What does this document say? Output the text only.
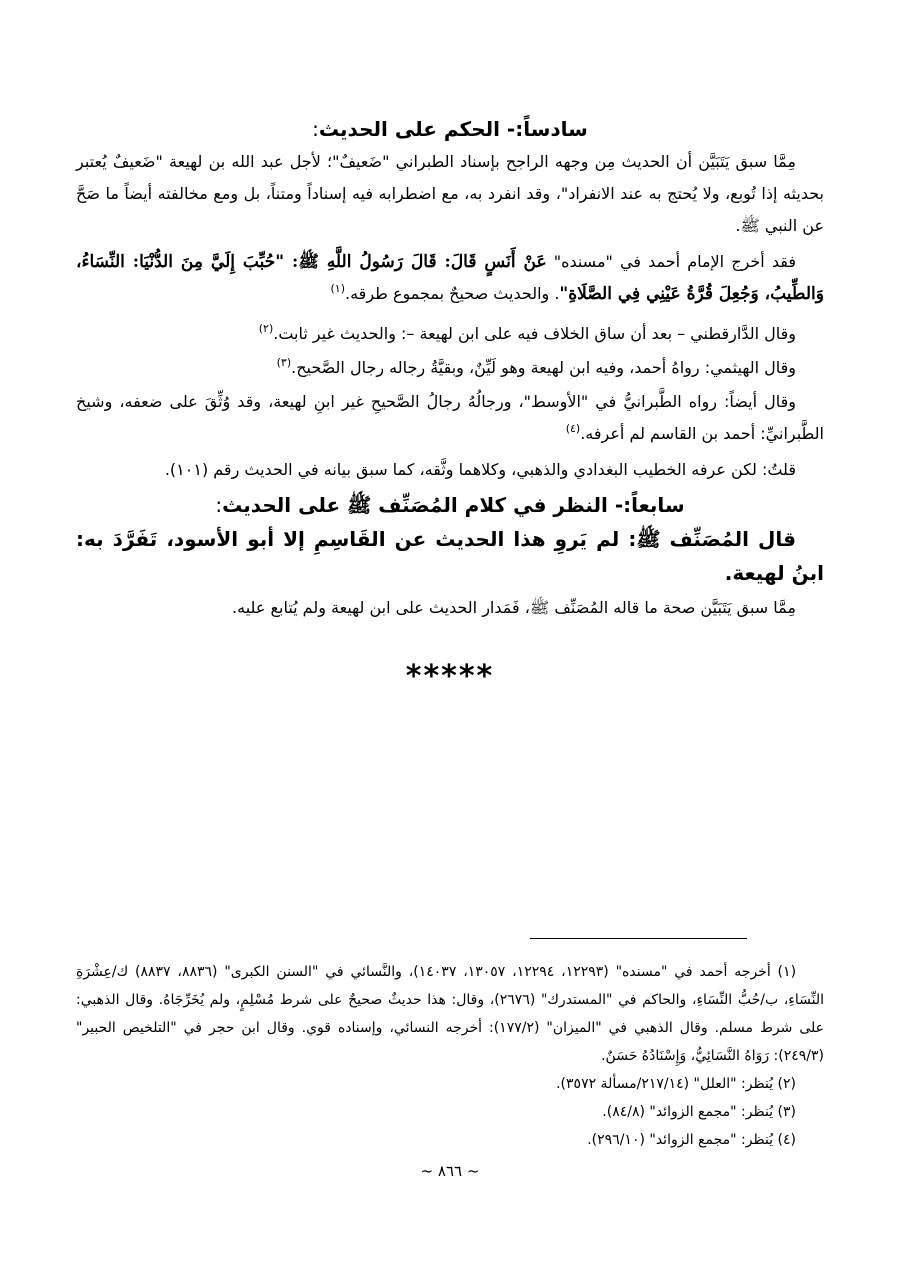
سادساً:- الحكم على الحديث:

مِمَّا سبق يَتَبَيَّن أن الحديث مِن وجهه الراجح بإسناد الطبراني "ضَعيفٌ"؛ لأجل عبد الله بن لهيعة "ضَعيفٌ يُعتبر بحديثه إذا تُوبع، ولا يُحتج به عند الانفراد"، وقد انفرد به، مع اضطرابه فيه إسناداً ومتناً، بل ومع مخالفته أيضاً ما صَحَّ عن النبي ﷺ.

فقد أخرج الإمام أحمد في "مسنده" عَنْ أَنَسٍ قَالَ: قَالَ رَسُولُ اللَّهِ ﷺ: "حُبِّبَ إِلَيَّ مِنَ الدُّنْيَا: النِّسَاءُ، وَالطِّيبُ، وَجُعِلَ قُرَّةُ عَيْنِي فِي الصَّلَاةِ". والحديث صحيحٌ بمجموع طرقه.$^{(١)}$

وقال الدَّارقطني – بعد أن ساق الخلاف فيه على ابن لهيعة –: والحديث غير ثابت.$^{(٢)}$

وقال الهيثمي: رواهُ أحمد، وفيه ابن لهيعة وهو لَيِّنٌ، وبقيَّةُ رجاله رجال الصَّحيح.$^{(٣)}$

وقال أيضاً: رواه الطَّبرانيُّ في "الأوسط"، ورجالُهُ رجالُ الصَّحيحِ غير ابنِ لهيعة، وقد وُثِّقَ على ضعفه، وشيخ الطَّبرانيِّ: أحمد بن القاسم لم أعرفه.$^{(٤)}$

قلتُ: لكن عرفه الخطيب البغدادي والذهبي، وكلاهما وثَّقه، كما سبق بيانه في الحديث رقم (١٠١).

سابعاً:- النظر في كلام المُصَنِّف ﷺ على الحديث:

قال المُصَنِّف ﷺ: لم يَروِ هذا الحديث عن القَاسِمِ إلا أبو الأسود، تَفَرَّدَ به: ابنُ لهيعة.

مِمَّا سبق يَتَبَيَّن صحة ما قاله المُصَنِّف ﷺ، فَمَدار الحديث على ابن لهيعة ولم يُتابع عليه.

*****

(١) أخرجه أحمد في "مسنده" (١٢٢٩٣، ١٢٢٩٤، ١٣٠٥٧، ١٤٠٣٧)، والنَّسائي في "السنن الكبرى" (٨٨٣٦، ٨٨٣٧) ك/عِشْرَةِ النِّسَاءِ، ب/حُبُّ النِّسَاءِ، والحاكم في "المستدرك" (٢٦٧٦)، وقال: هذا حديثٌ صحيحٌ على شرط مُسْلِمٍ، ولم يُخَرِّجَاهُ. وقال الذهبي: على شرط مسلم. وقال الذهبي في "الميزان" (١٧٧/٢): أخرجه النسائي، وإسناده قوي. وقال ابن حجر في "التلخيص الحبير" (٢٤٩/٣): رَوَاهُ النَّسَائِيُّ، وَإِسْنَادُهُ حَسَنٌ.

(٢) يُنظر: "العلل" (٢١٧/١٤/مسألة ٣٥٧٢).

(٣) يُنظر: "مجمع الزوائد" (٨٤/٨).

(٤) يُنظر: "مجمع الزوائد" (٢٩٦/١٠).

~ ٨٦٦ ~
